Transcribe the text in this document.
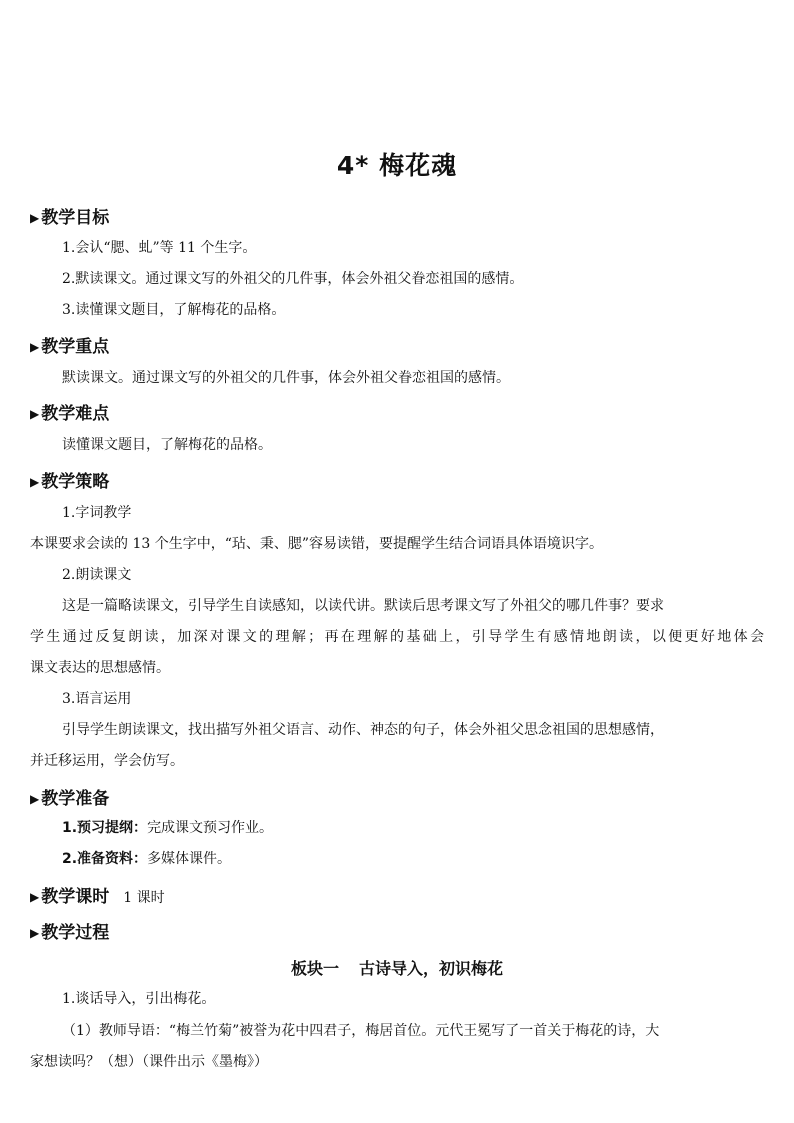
4* 梅花魂
▶ 教学目标
1.会认“腮、虬”等 11 个生字。
2.默读课文。通过课文写的外祖父的几件事，体会外祖父眷恋祖国的感情。
3.读懂课文题目，了解梅花的品格。
▶ 教学重点
默读课文。通过课文写的外祖父的几件事，体会外祖父眷恋祖国的感情。
▶ 教学难点
读懂课文题目，了解梅花的品格。
▶ 教学策略
1.字词教学
本课要求会读的 13 个生字中，“玷、秉、腮”容易读错，要提醒学生结合词语具体语境识字。
2.朗读课文
这是一篇略读课文，引导学生自读感知，以读代讲。默读后思考课文写了外祖父的哪几件事？要求
学生通过反复朗读，加深对课文的理解；再在理解的基础上，引导学生有感情地朗读，以便更好地体会
课文表达的思想感情。
3.语言运用
引导学生朗读课文，找出描写外祖父语言、动作、神态的句子，体会外祖父思念祖国的思想感情，
并迁移运用，学会仿写。
▶ 教学准备
1.预习提纲：完成课文预习作业。
2.准备资料：多媒体课件。
▶ 教学课时 1 课时
▶ 教学过程
板块一 古诗导入，初识梅花
1.谈话导入，引出梅花。
（1）教师导语：“梅兰竹菊”被誉为花中四君子，梅居首位。元代王冕写了一首关于梅花的诗，大
家想读吗？（想）（课件出示《墨梅》）
